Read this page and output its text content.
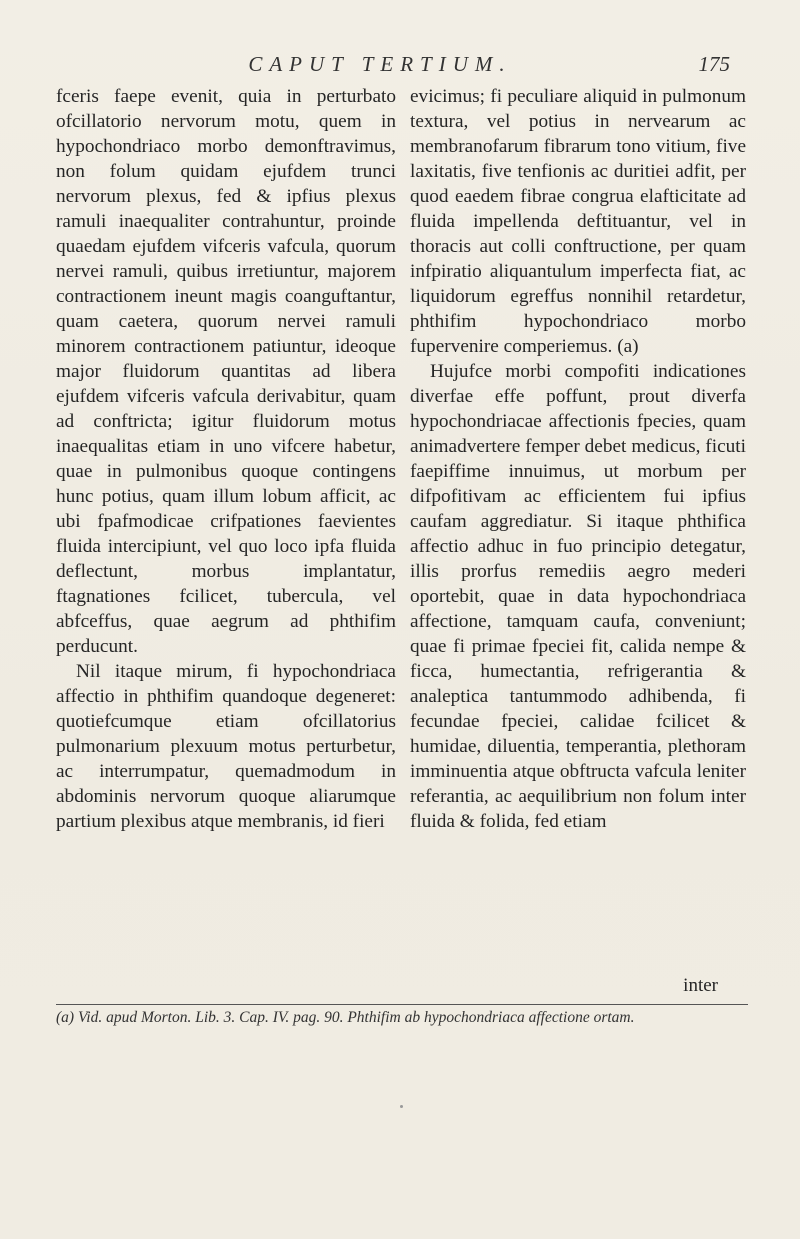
CAPUT TERTIUM.	175

fceris faepe evenit, quia in perturbato ofcillatorio nervorum motu, quem in hypochondriaco morbo demonftravimus, non folum quidam ejufdem trunci nervorum plexus, fed & ipfius plexus ramuli inaequaliter contrahuntur, proinde quaedam ejufdem vifceris vafcula, quorum nervei ramuli, quibus irretiuntur, majorem contractionem ineunt magis coanguftantur, quam caetera, quorum nervei ramuli minorem contractionem patiuntur, ideoque major fluidorum quantitas ad libera ejufdem vifceris vafcula derivabitur, quam ad conftricta; igitur fluidorum motus inaequalitas etiam in uno vifcere habetur, quae in pulmonibus quoque contingens hunc potius, quam illum lobum afficit, ac ubi fpafmodicae crifpationes faevientes fluida intercipiunt, vel quo loco ipfa fluida deflectunt, morbus implantatur, ftagnationes fcilicet, tubercula, vel abfceffus, quae aegrum ad phthifim perducunt.

Nil itaque mirum, fi hypochondriaca affectio in phthifim quandoque degeneret: quotiefcumque etiam ofcillatorius pulmonarium plexuum motus perturbetur, ac interrumpatur, quemadmodum in abdominis nervorum quoque aliarumque partium plexibus atque membranis, id fieri

evicimus; fi peculiare aliquid in pulmonum textura, vel potius in nervearum ac membranofarum fibrarum tono vitium, five laxitatis, five tenfionis ac duritiei adfit, per quod eaedem fibrae congrua elafticitate ad fluida impellenda deftituantur, vel in thoracis aut colli conftructione, per quam infpiratio aliquantulum imperfecta fiat, ac liquidorum egreffus nonnihil retardetur, phthifim hypochondriaco morbo fupervenire comperiemus. (a)

Hujufce morbi compofiti indicationes diverfae effe poffunt, prout diverfa hypochondriacae affectionis fpecies, quam animadvertere femper debet medicus, ficuti faepiffime innuimus, ut morbum per difpofitivam ac efficientem fui ipfius caufam aggrediatur. Si itaque phthifica affectio adhuc in fuo principio detegatur, illis prorfus remediis aegro mederi oportebit, quae in data hypochondriaca affectione, tamquam caufa, conveniunt; quae fi primae fpeciei fit, calida nempe & ficca, humectantia, refrigerantia & analeptica tantummodo adhibenda, fi fecundae fpeciei, calidae fcilicet & humidae, diluentia, temperantia, plethoram imminuentia atque obftructa vafcula leniter referantia, ac aequilibrium non folum inter fluida & folida, fed etiam

inter
(a) Vid. apud Morton. Lib. 3. Cap. IV. pag. 90. Phthifim ab hypochondriaca affectione ortam.
